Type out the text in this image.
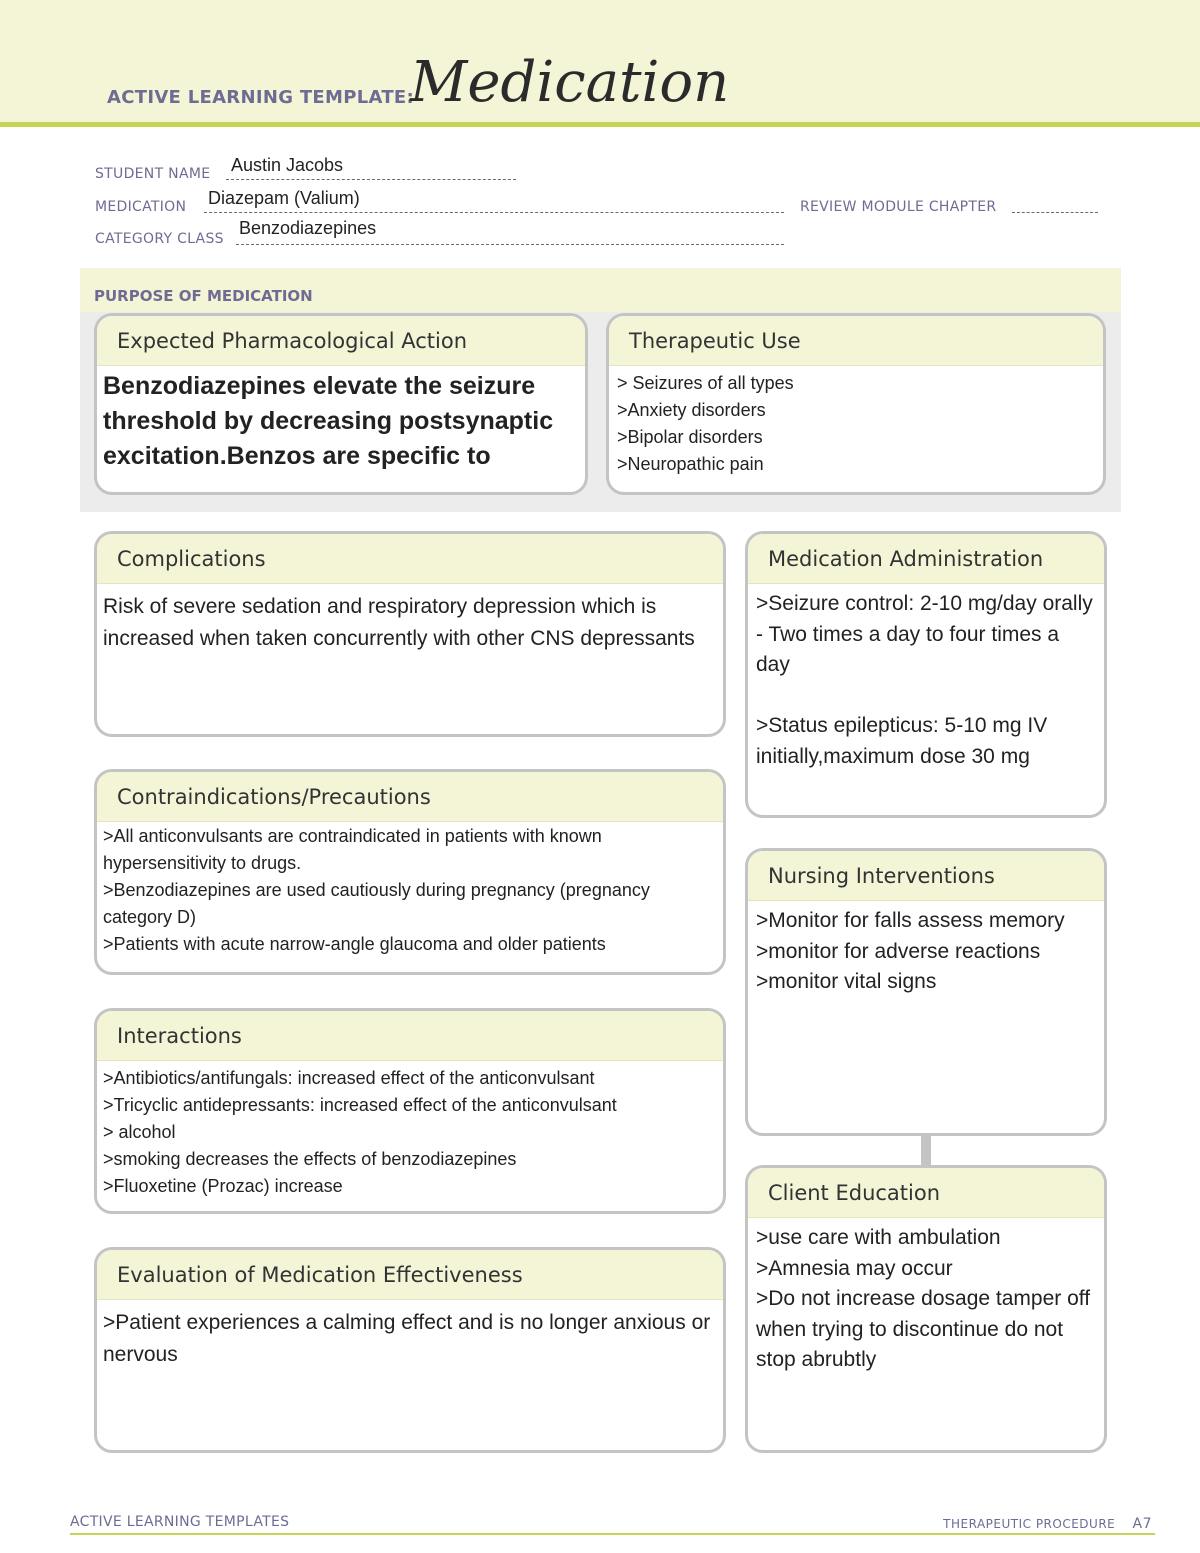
ACTIVE LEARNING TEMPLATE:
Medication
STUDENT NAME Austin Jacobs
MEDICATION Diazepam (Valium)	REVIEW MODULE CHAPTER
CATEGORY CLASS
Benzodiazepines
PURPOSE OF MEDICATION
Expected Pharmacological Action
Benzodiazepines elevate the seizure threshold by decreasing postsynaptic excitation.Benzos are specific to
Therapeutic Use
> Seizures of all types
>Anxiety disorders
>Bipolar disorders
>Neuropathic pain
Complications
Risk of severe sedation and respiratory depression which is increased when taken concurrently with other CNS depressants
Contraindications/Precautions
>All anticonvulsants are contraindicated in patients with known hypersensitivity to drugs.
>Benzodiazepines are used cautiously during pregnancy (pregnancy category D)
>Patients with acute narrow-angle glaucoma and older patients
Interactions
>Antibiotics/antifungals: increased effect of the anticonvulsant
>Tricyclic antidepressants: increased effect of the anticonvulsant
> alcohol
>smoking decreases the effects of benzodiazepines
>Fluoxetine (Prozac) increase
Evaluation of Medication Effectiveness
>Patient experiences a calming effect and is no longer anxious or nervous
Medication Administration
>Seizure control: 2-10 mg/day orally - Two times a day to four times a day

>Status epilepticus: 5-10 mg IV initially,maximum dose 30 mg
Nursing Interventions
>Monitor for falls assess memory
>monitor for adverse reactions
>monitor vital signs
Client Education
>use care with ambulation
>Amnesia may occur
>Do not increase dosage tamper off when trying to discontinue do not stop abrubtly
ACTIVE LEARNING TEMPLATES	THERAPEUTIC PROCEDURE A7
